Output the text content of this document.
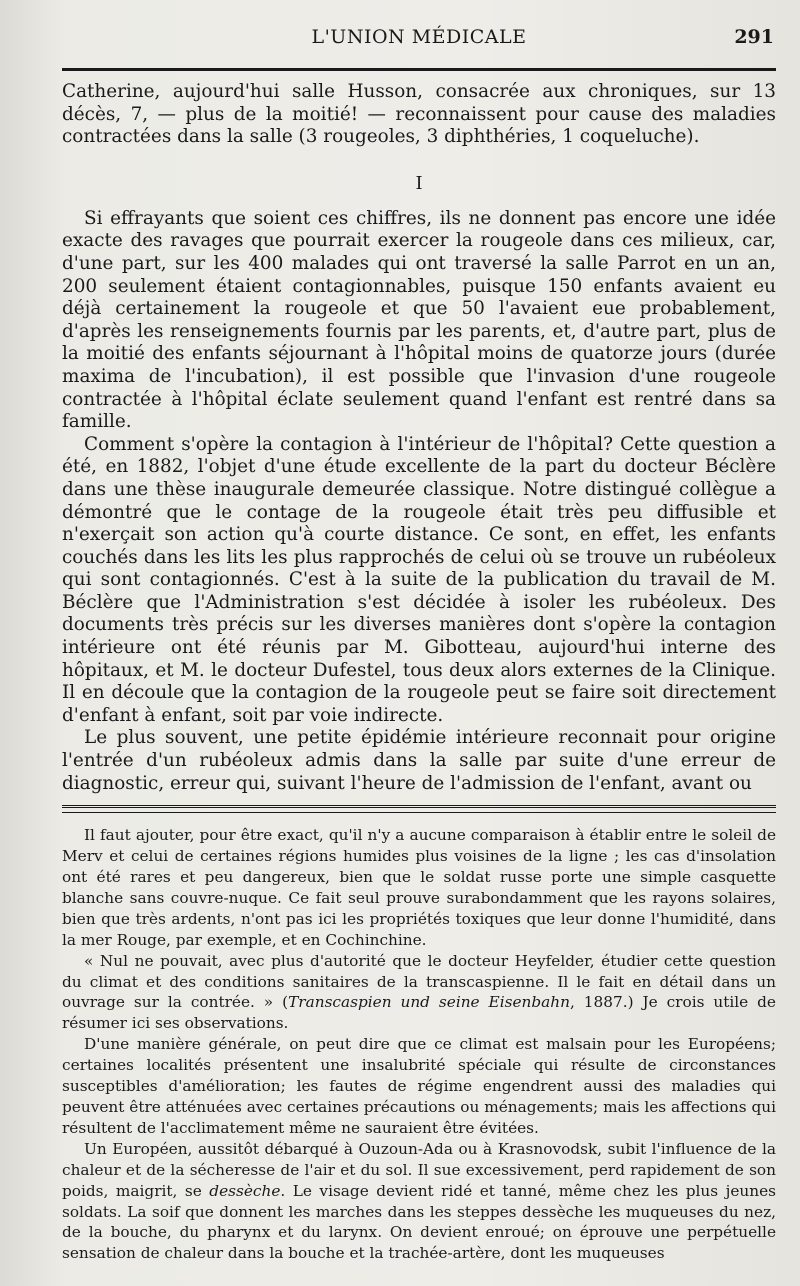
L'UNION MÉDICALE	291

Catherine, aujourd'hui salle Husson, consacrée aux chroniques, sur 13 décès, 7, — plus de la moitié! — reconnaissent pour cause des maladies contractées dans la salle (3 rougeoles, 3 diphthéries, 1 coqueluche).

I

Si effrayants que soient ces chiffres, ils ne donnent pas encore une idée exacte des ravages que pourrait exercer la rougeole dans ces milieux, car, d'une part, sur les 400 malades qui ont traversé la salle Parrot en un an, 200 seulement étaient contagionnables, puisque 150 enfants avaient eu déjà certainement la rougeole et que 50 l'avaient eue probablement, d'après les renseignements fournis par les parents, et, d'autre part, plus de la moitié des enfants séjournant à l'hôpital moins de quatorze jours (durée maxima de l'incubation), il est possible que l'invasion d'une rougeole contractée à l'hôpital éclate seulement quand l'enfant est rentré dans sa famille.

Comment s'opère la contagion à l'intérieur de l'hôpital? Cette question a été, en 1882, l'objet d'une étude excellente de la part du docteur Béclère dans une thèse inaugurale demeurée classique. Notre distingué collègue a démontré que le contage de la rougeole était très peu diffusible et n'exerçait son action qu'à courte distance. Ce sont, en effet, les enfants couchés dans les lits les plus rapprochés de celui où se trouve un rubéoleux qui sont contagionnés. C'est à la suite de la publication du travail de M. Béclère que l'Administration s'est décidée à isoler les rubéoleux. Des documents très précis sur les diverses manières dont s'opère la contagion intérieure ont été réunis par M. Gibotteau, aujourd'hui interne des hôpitaux, et M. le docteur Dufestel, tous deux alors externes de la Clinique. Il en découle que la contagion de la rougeole peut se faire soit directement d'enfant à enfant, soit par voie indirecte.

Le plus souvent, une petite épidémie intérieure reconnait pour origine l'entrée d'un rubéoleux admis dans la salle par suite d'une erreur de diagnostic, erreur qui, suivant l'heure de l'admission de l'enfant, avant ou

Il faut ajouter, pour être exact, qu'il n'y a aucune comparaison à établir entre le soleil de Merv et celui de certaines régions humides plus voisines de la ligne ; les cas d'insolation ont été rares et peu dangereux, bien que le soldat russe porte une simple casquette blanche sans couvre-nuque. Ce fait seul prouve surabondamment que les rayons solaires, bien que très ardents, n'ont pas ici les propriétés toxiques que leur donne l'humidité, dans la mer Rouge, par exemple, et en Cochinchine.

« Nul ne pouvait, avec plus d'autorité que le docteur Heyfelder, étudier cette question du climat et des conditions sanitaires de la transcaspienne. Il le fait en détail dans un ouvrage sur la contrée. » (Transcaspien und seine Eisenbahn, 1887.) Je crois utile de résumer ici ses observations.

D'une manière générale, on peut dire que ce climat est malsain pour les Européens; certaines localités présentent une insalubrité spéciale qui résulte de circonstances susceptibles d'amélioration; les fautes de régime engendrent aussi des maladies qui peuvent être atténuées avec certaines précautions ou ménagements; mais les affections qui résultent de l'acclimatement même ne sauraient être évitées.

Un Européen, aussitôt débarqué à Ouzoun-Ada ou à Krasnovodsk, subit l'influence de la chaleur et de la sécheresse de l'air et du sol. Il sue excessivement, perd rapidement de son poids, maigrit, se dessèche. Le visage devient ridé et tanné, même chez les plus jeunes soldats. La soif que donnent les marches dans les steppes dessèche les muqueuses du nez, de la bouche, du pharynx et du larynx. On devient enroué; on éprouve une perpétuelle sensation de chaleur dans la bouche et la trachée-artère, dont les muqueuses
